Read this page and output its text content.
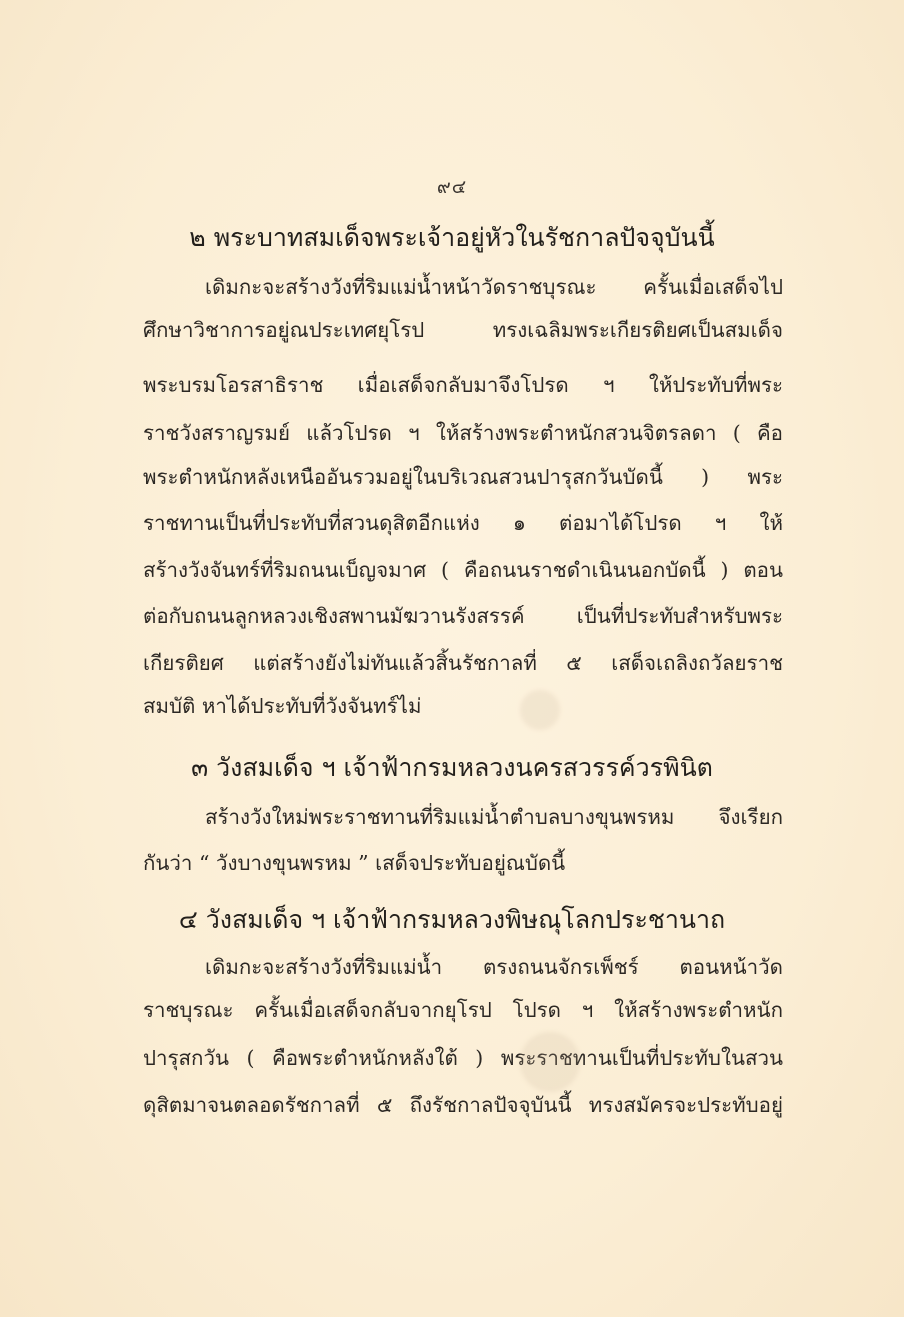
๙๔
๒ พระบาทสมเด็จพระเจ้าอยู่หัวในรัชกาลปัจจุบันนี้
เดิมกะจะสร้างวังที่ริมแม่น้ำหน้าวัดราชบุรณะ ครั้นเมื่อเสด็จไป
ศึกษาวิชาการอยู่ณประเทศยุโรป ทรงเฉลิมพระเกียรติยศเป็นสมเด็จ
พระบรมโอรสาธิราช เมื่อเสด็จกลับมาจึงโปรด ฯ ให้ประทับที่พระ
ราชวังสราญรมย์ แล้วโปรด ฯ ให้สร้างพระตำหนักสวนจิตรลดา ( คือ
พระตำหนักหลังเหนืออันรวมอยู่ในบริเวณสวนปารุสกวันบัดนี้ ) พระ
ราชทานเป็นที่ประทับที่สวนดุสิตอีกแห่ง ๑ ต่อมาได้โปรด ฯ ให้
สร้างวังจันทร์ที่ริมถนนเบ็ญจมาศ ( คือถนนราชดำเนินนอกบัดนี้ ) ตอน
ต่อกับถนนลูกหลวงเชิงสพานมัฆวานรังสรรค์ เป็นที่ประทับสำหรับพระ
เกียรติยศ แต่สร้างยังไม่ทันแล้วสิ้นรัชกาลที่ ๕ เสด็จเถลิงถวัลยราช
สมบัติ หาได้ประทับที่วังจันทร์ไม่
๓ วังสมเด็จ ฯ เจ้าฟ้ากรมหลวงนครสวรรค์วรพินิต
สร้างวังใหม่พระราชทานที่ริมแม่น้ำตำบลบางขุนพรหม จึงเรียก
กันว่า “ วังบางขุนพรหม ” เสด็จประทับอยู่ณบัดนี้
๔ วังสมเด็จ ฯ เจ้าฟ้ากรมหลวงพิษณุโลกประชานาถ
เดิมกะจะสร้างวังที่ริมแม่น้ำ ตรงถนนจักรเพ็ชร์ ตอนหน้าวัด
ราชบุรณะ ครั้นเมื่อเสด็จกลับจากยุโรป โปรด ฯ ให้สร้างพระตำหนัก
ปารุสกวัน ( คือพระตำหนักหลังใต้ ) พระราชทานเป็นที่ประทับในสวน
ดุสิตมาจนตลอดรัชกาลที่ ๕ ถึงรัชกาลปัจจุบันนี้ ทรงสมัครจะประทับอยู่
